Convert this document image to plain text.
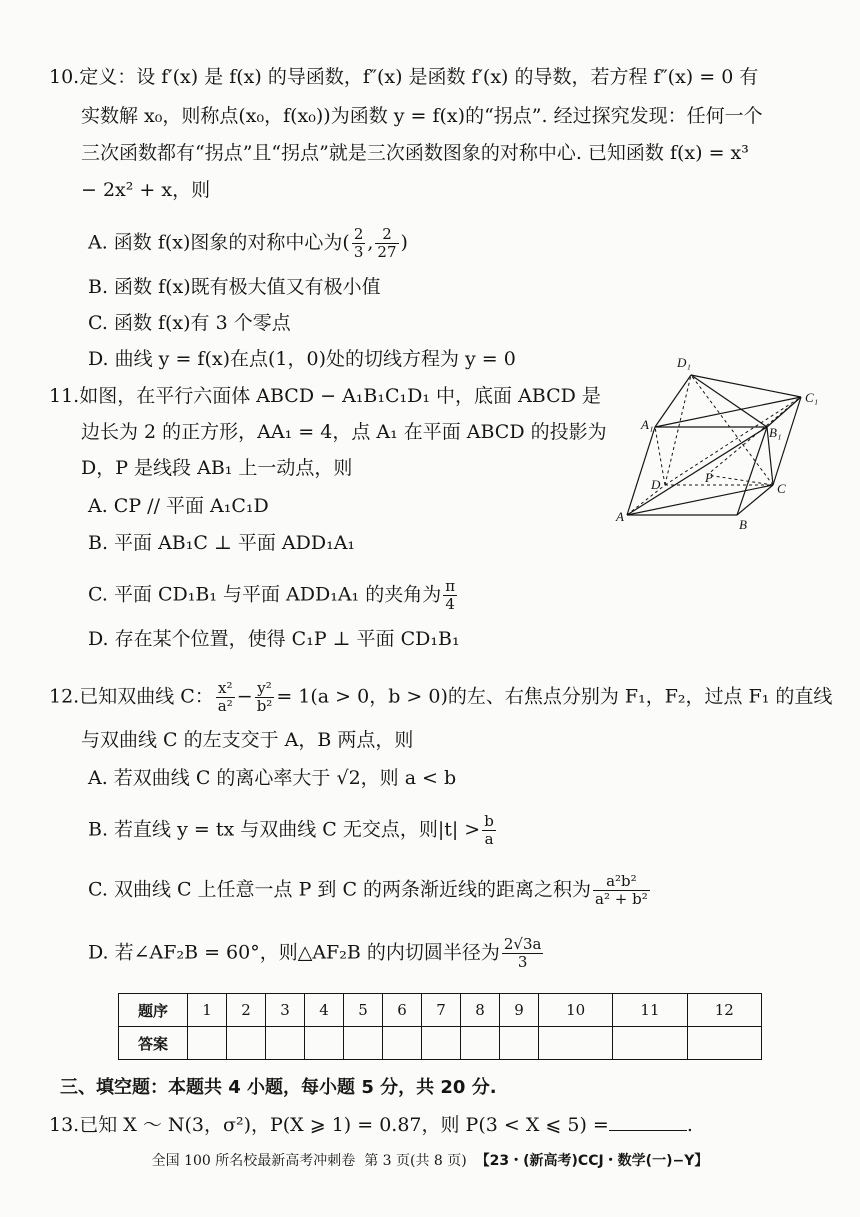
10.定义：设 f′(x) 是 f(x) 的导函数，f″(x) 是函数 f′(x) 的导数，若方程 f″(x) = 0 有
实数解 x₀，则称点(x₀，f(x₀))为函数 y = f(x)的“拐点”. 经过探究发现：任何一个
三次函数都有“拐点”且“拐点”就是三次函数图象的对称中心. 已知函数 f(x) = x³
− 2x² + x，则
A. 函数 f(x)图象的对称中心为( $\frac{2}{3}$ , $\frac{2}{27}$ )
B. 函数 f(x)既有极大值又有极小值
C. 函数 f(x)有 3 个零点
D. 曲线 y = f(x)在点(1，0)处的切线方程为 y = 0
11.如图，在平行六面体 ABCD − A₁B₁C₁D₁ 中，底面 ABCD 是
边长为 2 的正方形，AA₁ = 4，点 A₁ 在平面 ABCD 的投影为
D，P 是线段 AB₁ 上一动点，则
A. CP // 平面 A₁C₁D
B. 平面 AB₁C ⊥ 平面 ADD₁A₁
C. 平面 CD₁B₁ 与平面 ADD₁A₁ 的夹角为 $\frac{\pi}{4}$
D. 存在某个位置，使得 C₁P ⊥ 平面 CD₁B₁
D₁
C₁
A₁
B₁
D	P
C
A
B
12.已知双曲线 C： $\frac{\text{x²}}{\text{a²}} - \frac{\text{y²}}{\text{b²}} = 1(a > 0$，b > 0)的左、右焦点分别为 F₁，F₂，过点 F₁ 的直线
与双曲线 C 的左支交于 A，B 两点，则
A. 若双曲线 C 的离心率大于 √2，则 a < b
B. 若直线 y = tx 与双曲线 C 无交点，则$|t| > \frac{b}{a}$
C. 双曲线 C 上任意一点 P 到 C 的两条渐近线的距离之积为 $\frac{\text{a²b²}}{\text{a² + b²}}$
D. 若∠AF₂B = 60°，则△AF₂B 的内切圆半径为 $\frac{2√3a}{3}$
题序	1	2	3	4	5	6	7	8	9	10	11	12
答案												
三、填空题：本题共 4 小题，每小题 5 分，共 20 分.
13.已知 X ～ N(3，σ²)，P(X ⩾ 1) = 0.87，则 P(3 < X ⩽ 5) =	.
全国 100 所名校最新高考冲刺卷 第 3 页(共 8 页) 【23・(新高考)CCJ・数学(一)−Y】
